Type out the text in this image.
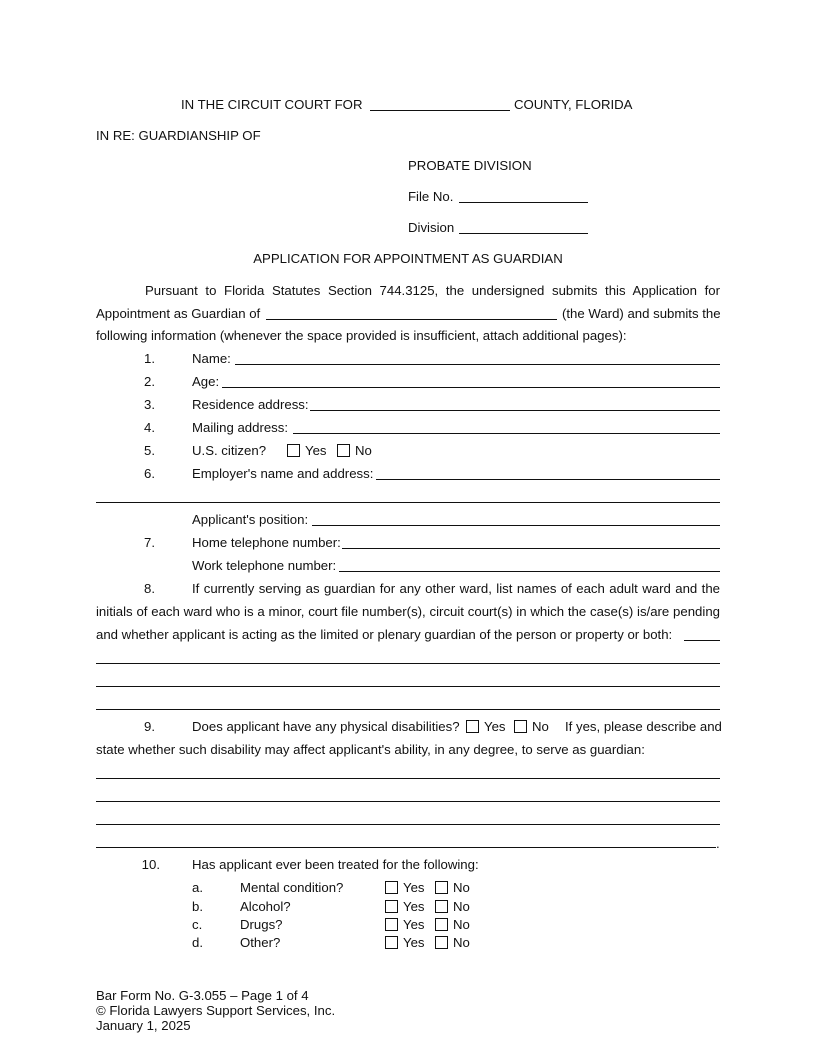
IN THE CIRCUIT COURT FOR	COUNTY, FLORIDA
IN RE: GUARDIANSHIP OF
PROBATE DIVISION
File No.
Division
APPLICATION FOR APPOINTMENT AS GUARDIAN
Pursuant to Florida Statutes Section 744.3125, the undersigned submits this Application for
Appointment as Guardian of	(the Ward) and submits the
following information (whenever the space provided is insufficient, attach additional pages):
1.	Name:
2.	Age:
3.	Residence address:
4.	Mailing address:
5.	U.S. citizen?	Yes	No
6.	Employer's name and address:
Applicant's position:
7.	Home telephone number:
Work telephone number:
8.	If currently serving as guardian for any other ward, list names of each adult ward and the
initials of each ward who is a minor, court file number(s), circuit court(s) in which the case(s) is/are pending
and whether applicant is acting as the limited or plenary guardian of the person or property or both:
9.	Does applicant have any physical disabilities?	Yes	No If yes, please describe and
state whether such disability may affect applicant's ability, in any degree, to serve as guardian:
.
10. Has applicant ever been treated for the following:
a.	Mental condition?	Yes	No
b.	Alcohol?	Yes	No
c.	Drugs?	Yes	No
d.	Other?	Yes	No
Bar Form No. G-3.055 – Page 1 of 4
© Florida Lawyers Support Services, Inc.
January 1, 2025
